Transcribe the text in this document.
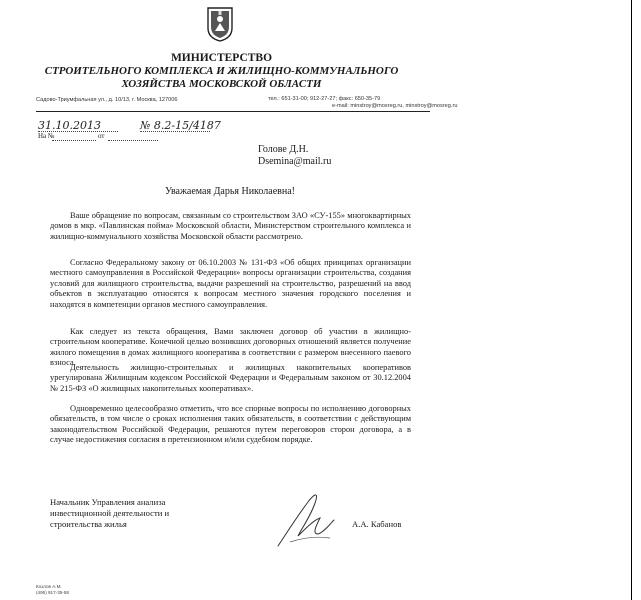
МИНИСТЕРСТВО
СТРОИТЕЛЬНОГО КОМПЛЕКСА И ЖИЛИЩНО-КОММУНАЛЬНОГО
ХОЗЯЙСТВА МОСКОВСКОЙ ОБЛАСТИ
Садово-Триумфальная ул., д. 10/13, г. Москва, 127006	тел.: 651-31-00; 912-27-27; факс: 650-35-79
e-mail: minstroy@mosreg.ru, minstroy@mosreg.ru
31.10.2013	№ 8.2-15/4187
На №	от
Голове Д.Н.
Dsemina@mail.ru
Уважаемая Дарья Николаевна!

Ваше обращение по вопросам, связанным со строительством ЗАО «СУ-155» многоквартирных домов в мкр. «Павлинская пойма» Московской области, Министерством строительного комплекса и жилищно-коммунального хозяйства Московской области рассмотрено.

Согласно Федеральному закону от 06.10.2003 № 131-ФЗ «Об общих принципах организации местного самоуправления в Российской Федерации» вопросы организации строительства, создания условий для жилищного строительства, выдачи разрешений на строительство, разрешений на ввод объектов в эксплуатацию относятся к вопросам местного значения городского поселения и находятся в компетенции органов местного самоуправления.

Как следует из текста обращения, Вами заключен договор об участии в жилищно-строительном кооперативе. Конечной целью возникших договорных отношений является получение жилого помещения в домах жилищного кооператива в соответствии с размером внесенного паевого взноса.

Деятельность жилищно-строительных и жилищных накопительных кооперативов урегулирована Жилищным кодексом Российской Федерации и Федеральным законом от 30.12.2004 № 215-ФЗ «О жилищных накопительных кооперативах».

Одновременно целесообразно отметить, что все спорные вопросы по исполнению договорных обязательств, в том числе о сроках исполнения таких обязательств, в соответствии с действующим законодательством Российской Федерации, решаются путем переговоров сторон договора, а в случае недостижения согласия в претензионном и/или судебном порядке.

Начальник Управления анализа
инвестиционной деятельности и
строительства жилья	А.А. Кабанов

Козлов А.М.
(495) 917-35-58
